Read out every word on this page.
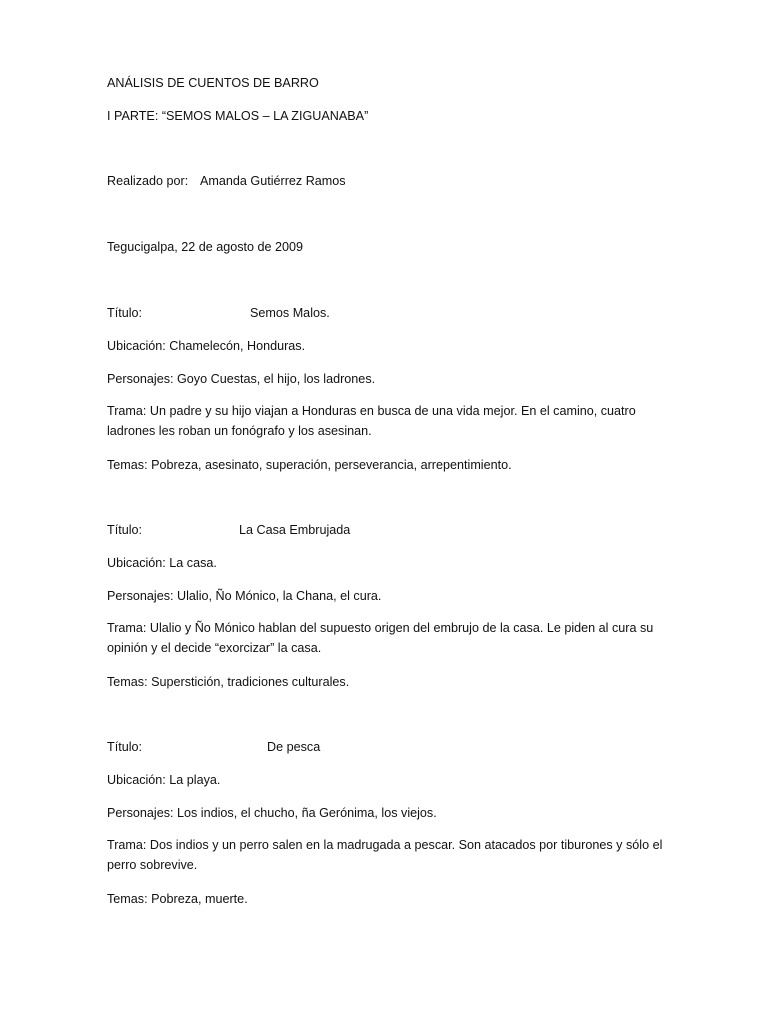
ANÁLISIS DE CUENTOS DE BARRO
I PARTE: “SEMOS MALOS – LA ZIGUANABA”
Realizado por: Amanda Gutiérrez Ramos
Tegucigalpa, 22 de agosto de 2009
Título:	Semos Malos.
Ubicación: Chamelecón, Honduras.
Personajes: Goyo Cuestas, el hijo, los ladrones.
Trama: Un padre y su hijo viajan a Honduras en busca de una vida mejor. En el camino, cuatro
ladrones les roban un fonógrafo y los asesinan.
Temas: Pobreza, asesinato, superación, perseverancia, arrepentimiento.
Título:	La Casa Embrujada
Ubicación: La casa.
Personajes: Ulalio, Ño Mónico, la Chana, el cura.
Trama: Ulalio y Ño Mónico hablan del supuesto origen del embrujo de la casa. Le piden al cura su
opinión y el decide “exorcizar” la casa.
Temas: Superstición, tradiciones culturales.
Título:	De pesca
Ubicación: La playa.
Personajes: Los indios, el chucho, ña Gerónima, los viejos.
Trama: Dos indios y un perro salen en la madrugada a pescar. Son atacados por tiburones y sólo el
perro sobrevive.
Temas: Pobreza, muerte.
